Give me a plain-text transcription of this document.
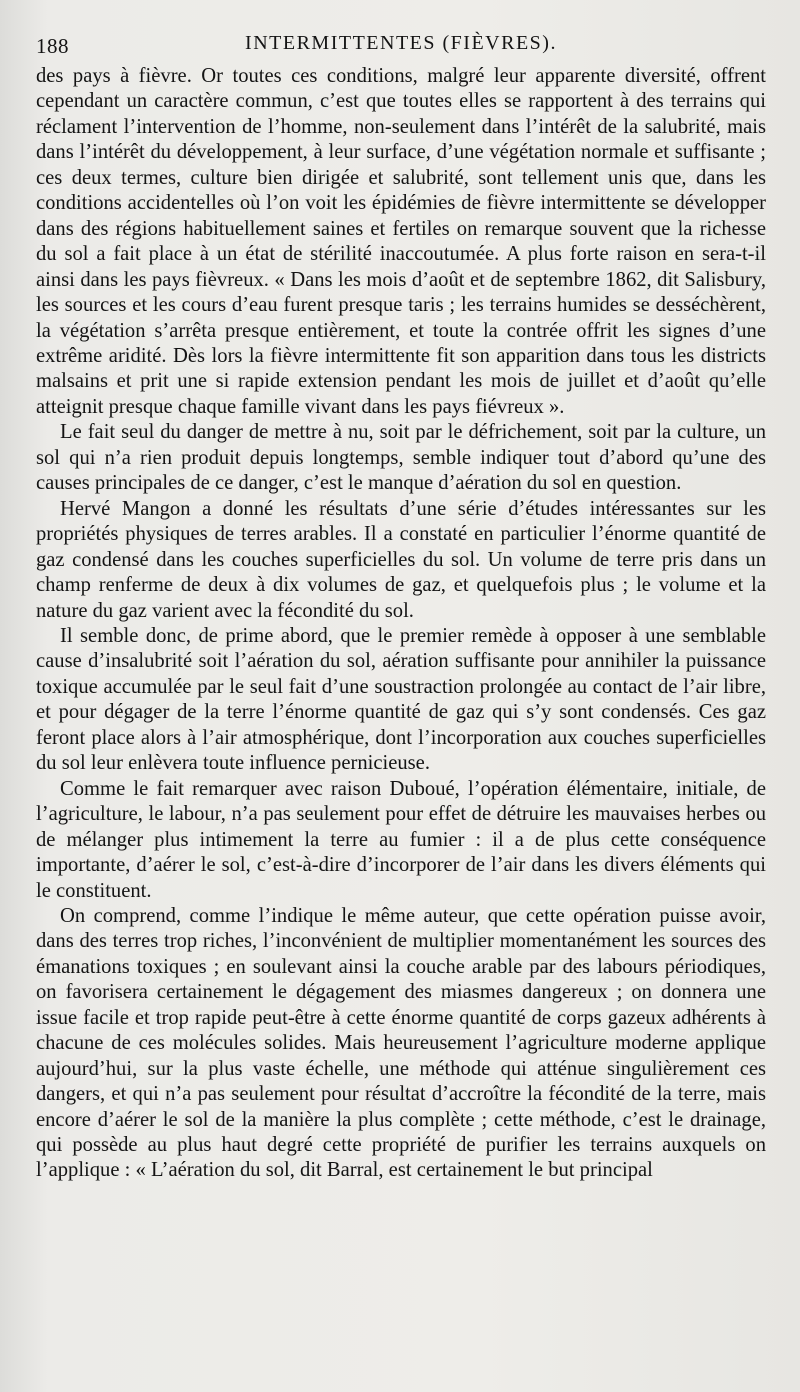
188	INTERMITTENTES (FIÈVRES).

des pays à fièvre. Or toutes ces conditions, malgré leur apparente diversité, offrent cependant un caractère commun, c’est que toutes elles se rapportent à des terrains qui réclament l’intervention de l’homme, non-seulement dans l’intérêt de la salubrité, mais dans l’intérêt du développement, à leur surface, d’une végétation normale et suffisante ; ces deux termes, culture bien dirigée et salubrité, sont tellement unis que, dans les conditions accidentelles où l’on voit les épidémies de fièvre intermittente se développer dans des régions habituellement saines et fertiles on remarque souvent que la richesse du sol a fait place à un état de stérilité inaccoutumée. A plus forte raison en sera-t-il ainsi dans les pays fièvreux. « Dans les mois d’août et de septembre 1862, dit Salisbury, les sources et les cours d’eau furent presque taris ; les terrains humides se desséchèrent, la végétation s’arrêta presque entièrement, et toute la contrée offrit les signes d’une extrême aridité. Dès lors la fièvre intermittente fit son apparition dans tous les districts malsains et prit une si rapide extension pendant les mois de juillet et d’août qu’elle atteignit presque chaque famille vivant dans les pays fiévreux ».

Le fait seul du danger de mettre à nu, soit par le défrichement, soit par la culture, un sol qui n’a rien produit depuis longtemps, semble indiquer tout d’abord qu’une des causes principales de ce danger, c’est le manque d’aération du sol en question.

Hervé Mangon a donné les résultats d’une série d’études intéressantes sur les propriétés physiques de terres arables. Il a constaté en particulier l’énorme quantité de gaz condensé dans les couches superficielles du sol. Un volume de terre pris dans un champ renferme de deux à dix volumes de gaz, et quelquefois plus ; le volume et la nature du gaz varient avec la fécondité du sol.

Il semble donc, de prime abord, que le premier remède à opposer à une semblable cause d’insalubrité soit l’aération du sol, aération suffisante pour annihiler la puissance toxique accumulée par le seul fait d’une soustraction prolongée au contact de l’air libre, et pour dégager de la terre l’énorme quantité de gaz qui s’y sont condensés. Ces gaz feront place alors à l’air atmosphérique, dont l’incorporation aux couches superficielles du sol leur enlèvera toute influence pernicieuse.

Comme le fait remarquer avec raison Duboué, l’opération élémentaire, initiale, de l’agriculture, le labour, n’a pas seulement pour effet de détruire les mauvaises herbes ou de mélanger plus intimement la terre au fumier : il a de plus cette conséquence importante, d’aérer le sol, c’est-à-dire d’incorporer de l’air dans les divers éléments qui le constituent.

On comprend, comme l’indique le même auteur, que cette opération puisse avoir, dans des terres trop riches, l’inconvénient de multiplier momentanément les sources des émanations toxiques ; en soulevant ainsi la couche arable par des labours périodiques, on favorisera certainement le dégagement des miasmes dangereux ; on donnera une issue facile et trop rapide peut-être à cette énorme quantité de corps gazeux adhérents à chacune de ces molécules solides. Mais heureusement l’agriculture moderne applique aujourd’hui, sur la plus vaste échelle, une méthode qui atténue singulièrement ces dangers, et qui n’a pas seulement pour résultat d’accroître la fécondité de la terre, mais encore d’aérer le sol de la manière la plus complète ; cette méthode, c’est le drainage, qui possède au plus haut degré cette propriété de purifier les terrains auxquels on l’applique : « L’aération du sol, dit Barral, est certainement le but principal
